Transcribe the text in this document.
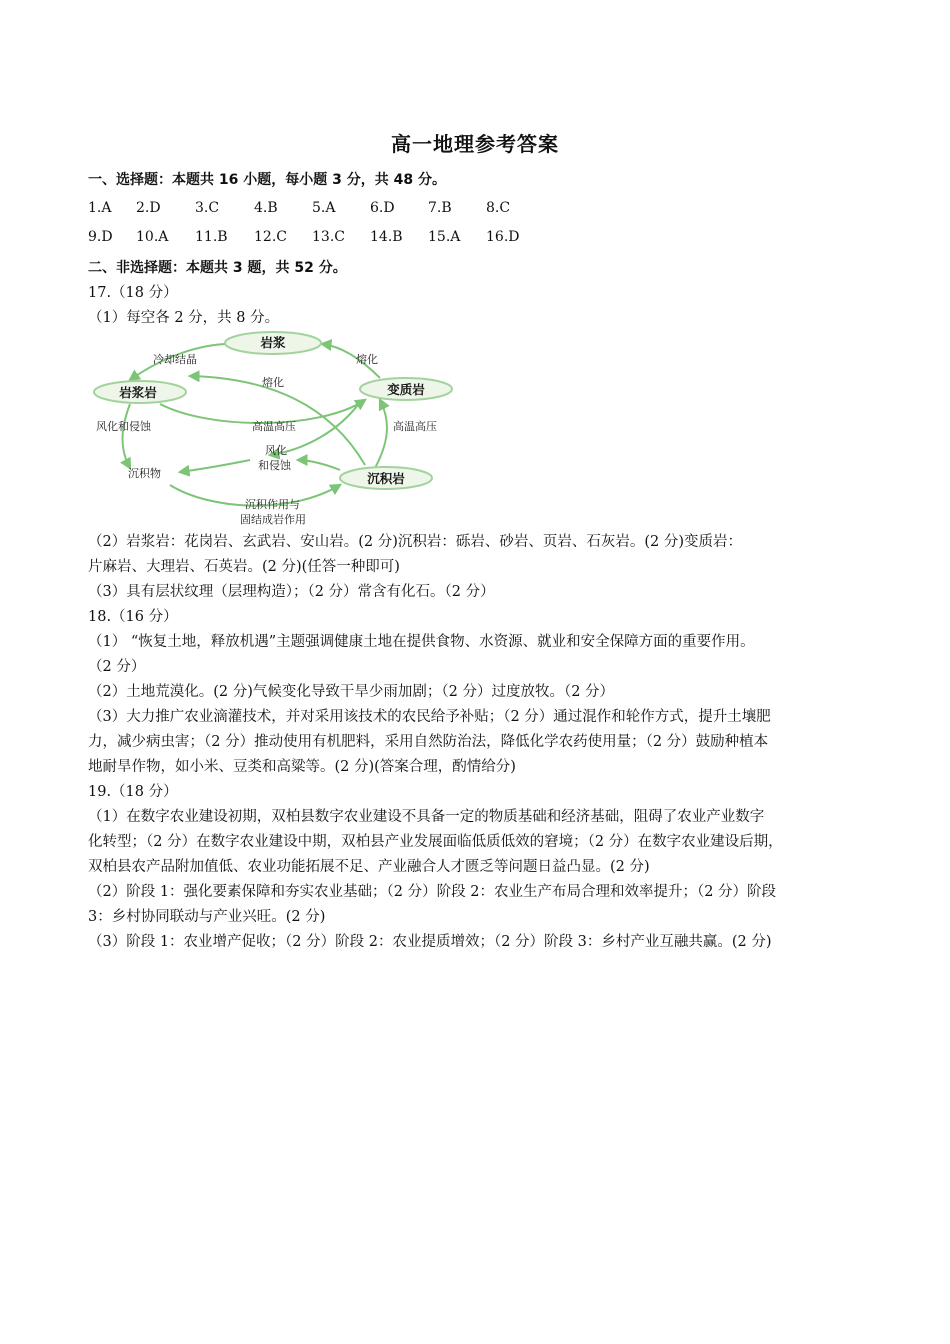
高一地理参考答案
一、选择题：本题共 16 小题，每小题 3 分，共 48 分。
1.A 2.D 3.C 4.B 5.A 6.D 7.B 8.C
9.D 10.A 11.B 12.C 13.C 14.B 15.A 16.D
二、非选择题：本题共 3 题，共 52 分。
17.（18 分）
（1）每空各 2 分，共 8 分。
岩浆
岩浆岩	变质岩
沉积岩
冷却结晶	熔化
熔化
风化和侵蚀	高温高压	高温高压
风化
和侵蚀
沉积物
沉积作用与
固结成岩作用
（2）岩浆岩：花岗岩、玄武岩、安山岩。(2 分)沉积岩：砾岩、砂岩、页岩、石灰岩。(2 分)变质岩：
片麻岩、大理岩、石英岩。(2 分)(任答一种即可)
（3）具有层状纹理（层理构造）；（2 分）常含有化石。（2 分）
18.（16 分）
（1） “恢复土地，释放机遇”主题强调健康土地在提供食物、水资源、就业和安全保障方面的重要作用。
（2 分）
（2）土地荒漠化。(2 分)气候变化导致干旱少雨加剧；（2 分）过度放牧。（2 分）
（3）大力推广农业滴灌技术，并对采用该技术的农民给予补贴；（2 分）通过混作和轮作方式，提升土壤肥
力，减少病虫害；（2 分）推动使用有机肥料，采用自然防治法，降低化学农药使用量；（2 分）鼓励种植本
地耐旱作物，如小米、豆类和高粱等。(2 分)(答案合理，酌情给分)
19.（18 分）
（1）在数字农业建设初期，双柏县数字农业建设不具备一定的物质基础和经济基础，阻碍了农业产业数字
化转型；（2 分）在数字农业建设中期，双柏县产业发展面临低质低效的窘境；（2 分）在数字农业建设后期，
双柏县农产品附加值低、农业功能拓展不足、产业融合人才匮乏等问题日益凸显。(2 分)
（2）阶段 1：强化要素保障和夯实农业基础；（2 分）阶段 2：农业生产布局合理和效率提升；（2 分）阶段
3：乡村协同联动与产业兴旺。(2 分)
（3）阶段 1：农业增产促收；（2 分）阶段 2：农业提质增效；（2 分）阶段 3：乡村产业互融共赢。(2 分)
